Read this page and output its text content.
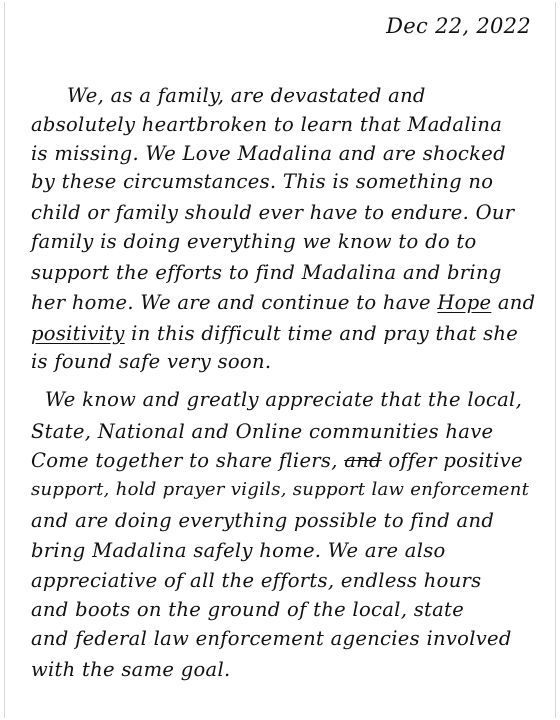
Dec 22, 2022
We, as a family, are devastated and
absolutely heartbroken to learn that Madalina
is missing. We Love Madalina and are shocked
by these circumstances. This is something no
child or family should ever have to endure. Our
family is doing everything we know to do to
support the efforts to find Madalina and bring
her home. We are and continue to have Hope and
positivity in this difficult time and pray that she
is found safe very soon.
We know and greatly appreciate that the local,
State, National and Online communities have
Come together to share fliers, and offer positive
support, hold prayer vigils, support law enforcement
and are doing everything possible to find and
bring Madalina safely home. We are also
appreciative of all the efforts, endless hours
and boots on the ground of the local, state
and federal law enforcement agencies involved
with the same goal.
